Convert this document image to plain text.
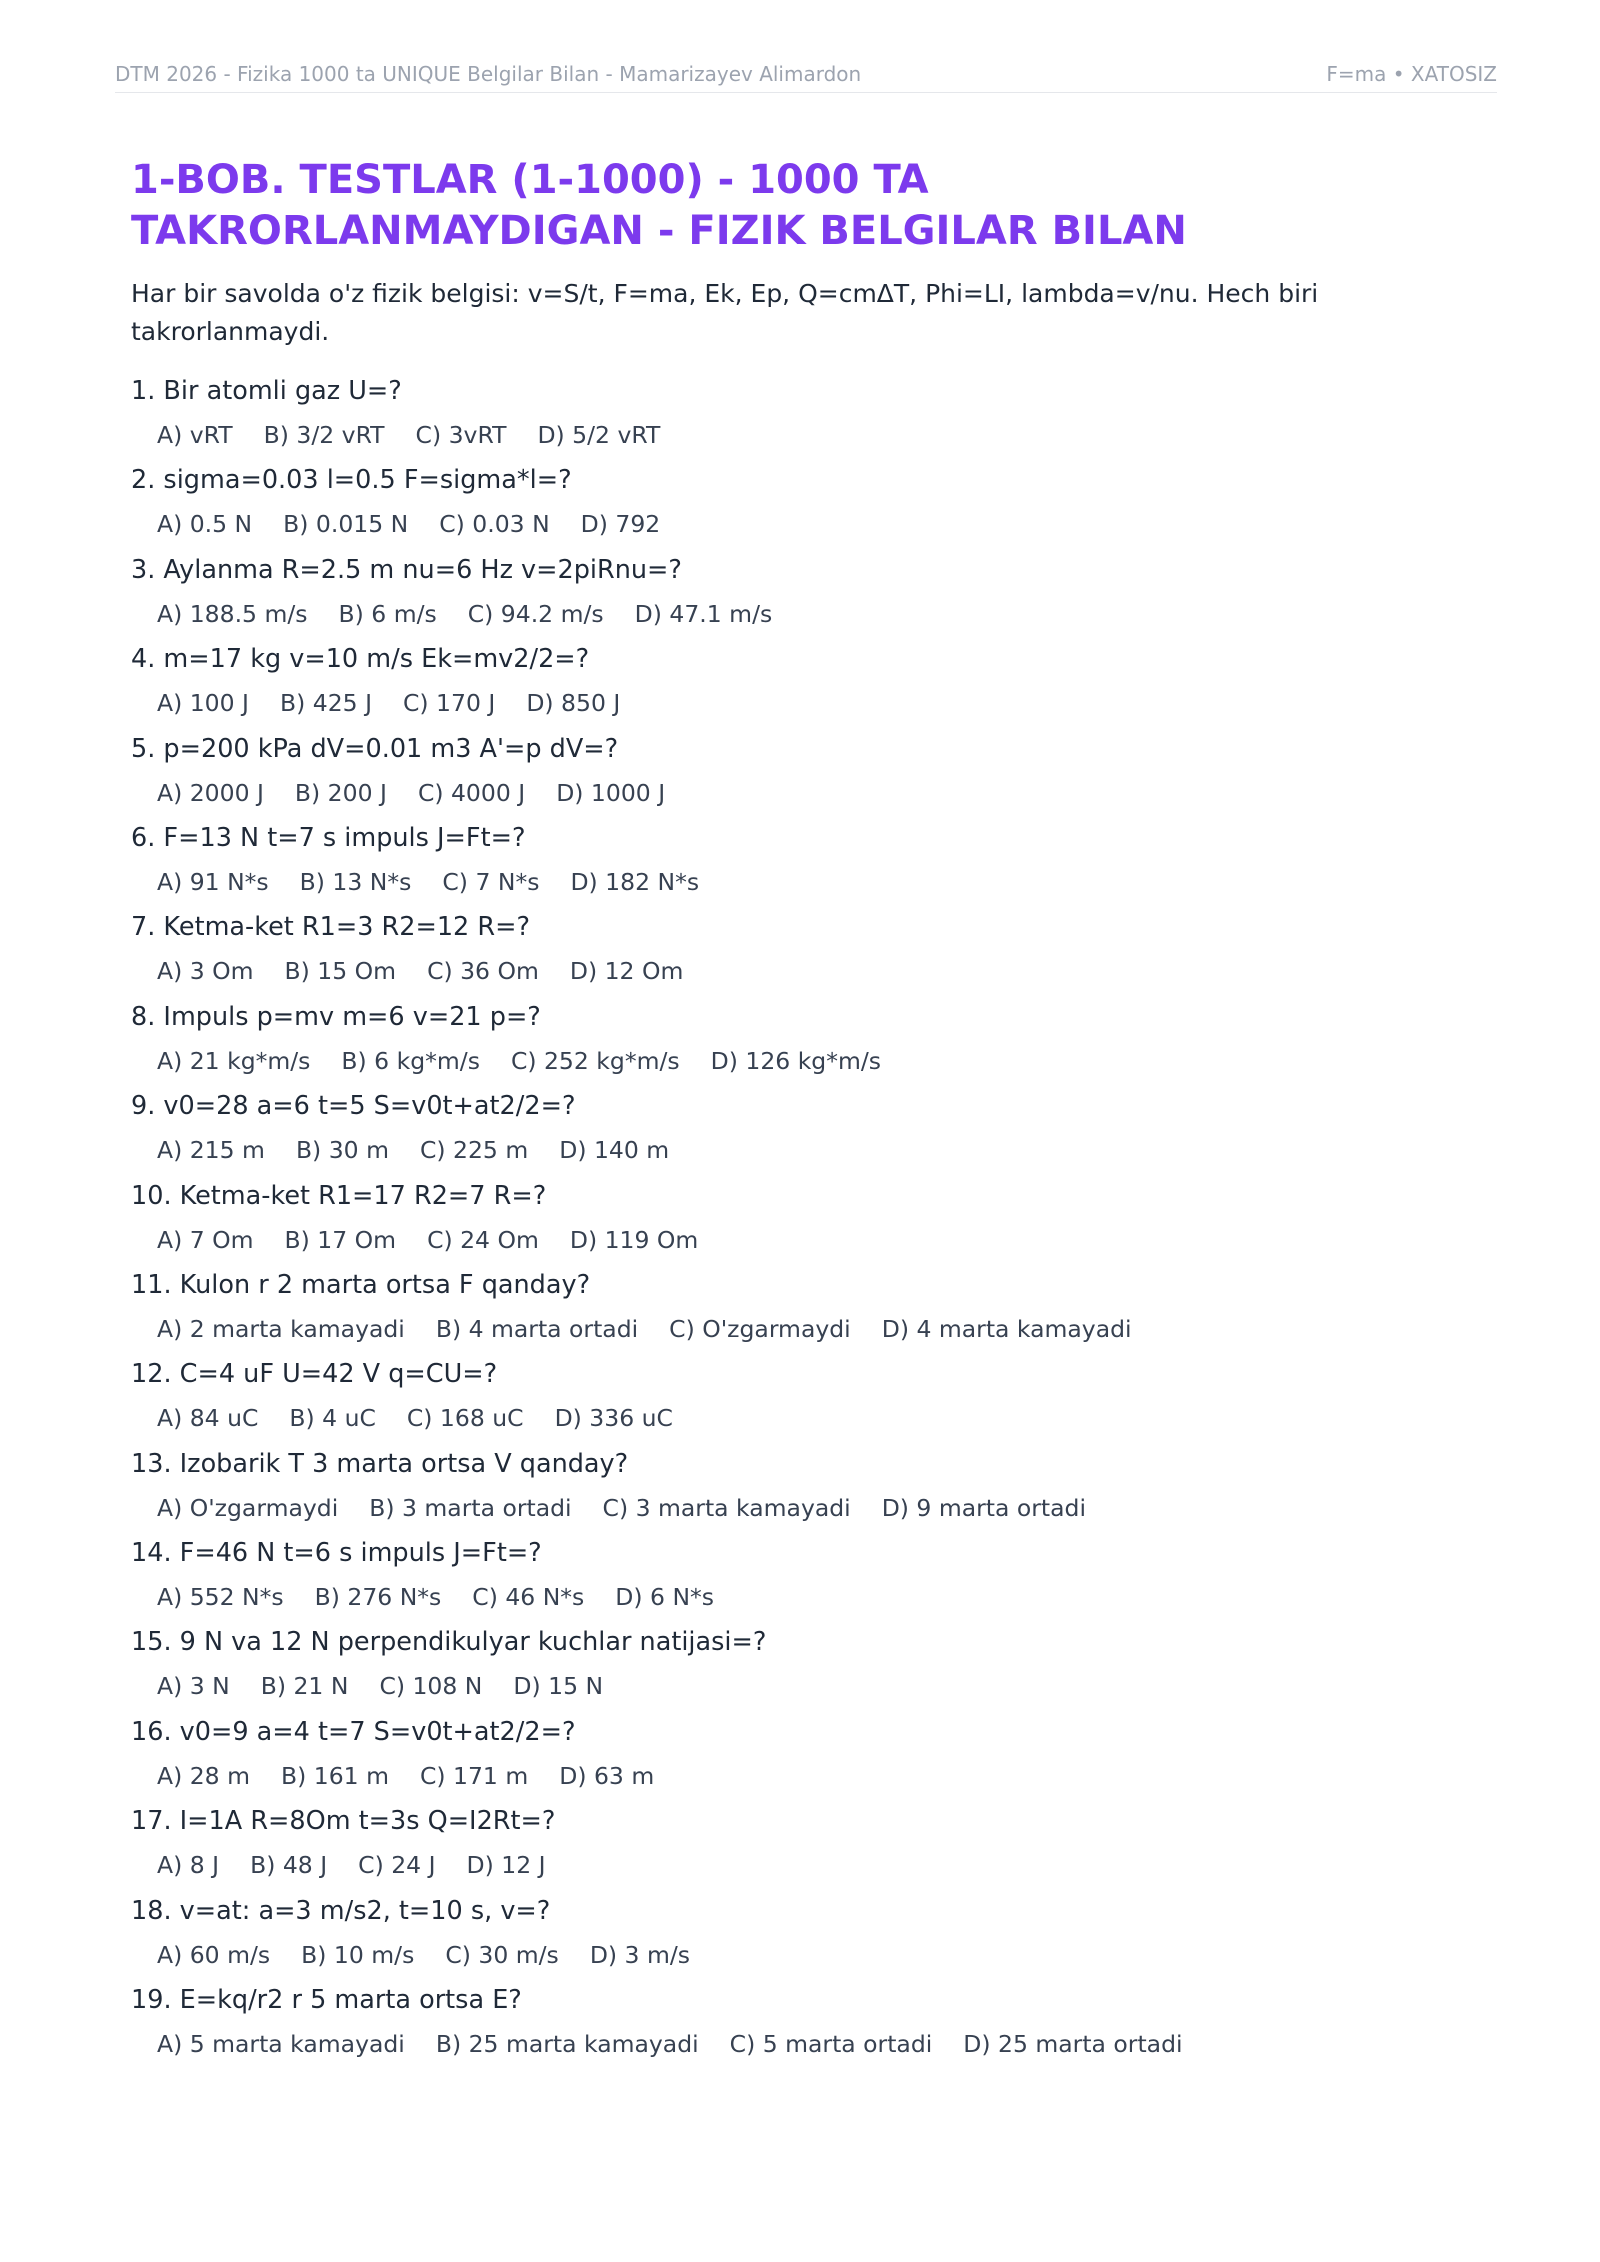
DTM 2026 - Fizika 1000 ta UNIQUE Belgilar Bilan - Mamarizayev Alimardon	F=ma • XATOSIZ
1-BOB. TESTLAR (1-1000) - 1000 TA
TAKRORLANMAYDIGAN - FIZIK BELGILAR BILAN

Har bir savolda o'z fizik belgisi: v=S/t, F=ma, Ek, Ep, Q=cmΔT, Phi=LI, lambda=v/nu. Hech biri takrorlanmaydi.

1. Bir atomli gaz U=?
A) vRT B) 3/2 vRT C) 3vRT D) 5/2 vRT
2. sigma=0.03 l=0.5 F=sigma*l=?
A) 0.5 N B) 0.015 N C) 0.03 N D) 792
3. Aylanma R=2.5 m nu=6 Hz v=2piRnu=?
A) 188.5 m/s B) 6 m/s C) 94.2 m/s D) 47.1 m/s
4. m=17 kg v=10 m/s Ek=mv2/2=?
A) 100 J B) 425 J C) 170 J D) 850 J
5. p=200 kPa dV=0.01 m3 A'=p dV=?
A) 2000 J B) 200 J C) 4000 J D) 1000 J
6. F=13 N t=7 s impuls J=Ft=?
A) 91 N*s B) 13 N*s C) 7 N*s D) 182 N*s
7. Ketma-ket R1=3 R2=12 R=?
A) 3 Om B) 15 Om C) 36 Om D) 12 Om
8. Impuls p=mv m=6 v=21 p=?
A) 21 kg*m/s B) 6 kg*m/s C) 252 kg*m/s D) 126 kg*m/s
9. v0=28 a=6 t=5 S=v0t+at2/2=?
A) 215 m B) 30 m C) 225 m D) 140 m
10. Ketma-ket R1=17 R2=7 R=?
A) 7 Om B) 17 Om C) 24 Om D) 119 Om
11. Kulon r 2 marta ortsa F qanday?
A) 2 marta kamayadi B) 4 marta ortadi C) O'zgarmaydi D) 4 marta kamayadi
12. C=4 uF U=42 V q=CU=?
A) 84 uC B) 4 uC C) 168 uC D) 336 uC
13. Izobarik T 3 marta ortsa V qanday?
A) O'zgarmaydi B) 3 marta ortadi C) 3 marta kamayadi D) 9 marta ortadi
14. F=46 N t=6 s impuls J=Ft=?
A) 552 N*s B) 276 N*s C) 46 N*s D) 6 N*s
15. 9 N va 12 N perpendikulyar kuchlar natijasi=?
A) 3 N B) 21 N C) 108 N D) 15 N
16. v0=9 a=4 t=7 S=v0t+at2/2=?
A) 28 m B) 161 m C) 171 m D) 63 m
17. I=1A R=8Om t=3s Q=I2Rt=?
A) 8 J B) 48 J C) 24 J D) 12 J
18. v=at: a=3 m/s2, t=10 s, v=?
A) 60 m/s B) 10 m/s C) 30 m/s D) 3 m/s
19. E=kq/r2 r 5 marta ortsa E?
A) 5 marta kamayadi B) 25 marta kamayadi C) 5 marta ortadi D) 25 marta ortadi
